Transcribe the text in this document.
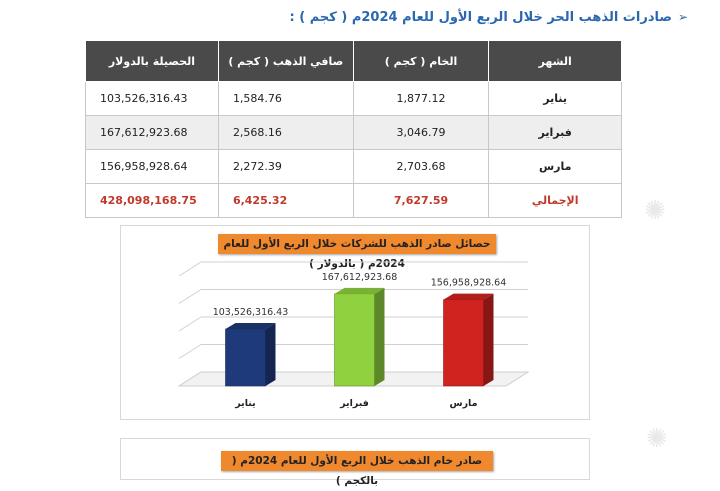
➢
صادرات الذهب الحر خلال الربع الأول للعام 2024م ( كجم ) :
الشهر	الخام ( كجم )	صافي الذهب ( كجم )	الحصيلة بالدولار
يناير	1,877.12	1,584.76	103,526,316.43
فبراير	3,046.79	2,568.16	167,612,923.68
مارس	2,703.68	2,272.39	156,958,928.64
الإجمالي	7,627.59	6,425.32	428,098,168.75	✺
✺
حصائل صادر الذهب للشركات خلال الربع الأول للعام 2024م ( بالدولار )
103,526,316.43
يناير
167,612,923.68
فبراير
156,958,928.64
مارس
صادر خام الذهب خلال الربع الأول للعام 2024م ( بالكجم )
